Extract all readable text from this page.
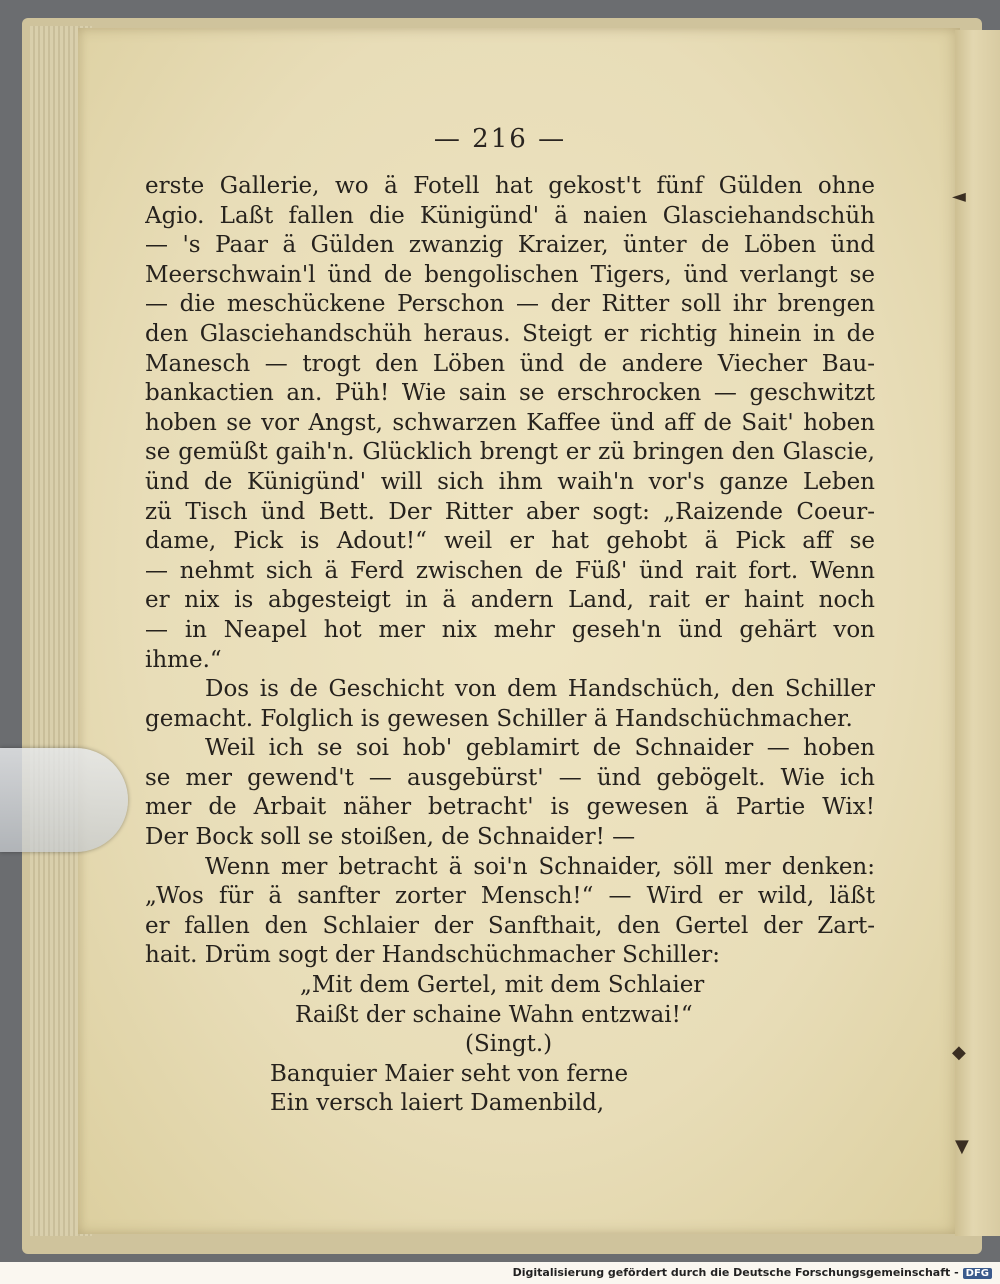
— 216 —
erste Gallerie, wo ä Fotell hat gekost't fünf Gülden ohne
Agio. Laßt fallen die Künigünd' ä naien Glasciehandschüh
— 's Paar ä Gülden zwanzig Kraizer, ünter de Löben ünd
Meerschwain'l ünd de bengolischen Tigers, ünd verlangt se
— die meschückene Perschon — der Ritter soll ihr brengen
den Glasciehandschüh heraus. Steigt er richtig hinein in de
Manesch — trogt den Löben ünd de andere Viecher Bau-
bankactien an. Püh! Wie sain se erschrocken — geschwitzt
hoben se vor Angst, schwarzen Kaffee ünd aff de Sait' hoben
se gemüßt gaih'n. Glücklich brengt er zü bringen den Glascie,
ünd de Künigünd' will sich ihm waih'n vor's ganze Leben
zü Tisch ünd Bett. Der Ritter aber sogt: „Raizende Coeur-
dame, Pick is Adout!“ weil er hat gehobt ä Pick aff se
— nehmt sich ä Ferd zwischen de Füß' ünd rait fort. Wenn
er nix is abgesteigt in ä andern Land, rait er haint noch
— in Neapel hot mer nix mehr geseh'n ünd gehärt von
ihme.“
Dos is de Geschicht von dem Handschüch, den Schiller
gemacht. Folglich is gewesen Schiller ä Handschüchmacher.
Weil ich se soi hob' geblamirt de Schnaider — hoben
se mer gewend't — ausgebürst' — ünd gebögelt. Wie ich
mer de Arbait näher betracht' is gewesen ä Partie Wix!
Der Bock soll se stoißen, de Schnaider! —
Wenn mer betracht ä soi'n Schnaider, söll mer denken:
„Wos für ä sanfter zorter Mensch!“ — Wird er wild, läßt
er fallen den Schlaier der Sanfthait, den Gertel der Zart-
hait. Drüm sogt der Handschüchmacher Schiller:
„Mit dem Gertel, mit dem Schlaier
Raißt der schaine Wahn entzwai!“
(Singt.)
Banquier Maier seht von ferne
Ein versch laiert Damenbild,
◄
◆
▼
Digitalisierung gefördert durch die Deutsche Forschungsgemeinschaft - DFG
